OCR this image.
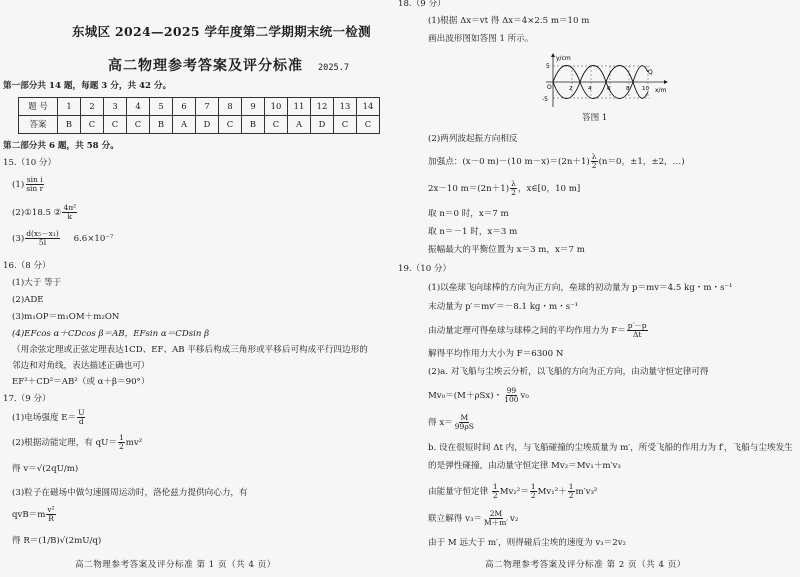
东城区 2024—2025 学年度第二学期期末统一检测
高二物理参考答案及评分标准 2025.7
第一部分共 14 题，每题 3 分，共 42 分。
题 号	1	2	3	4	5	6	7	8	9	10	11	12	13	14
答案	B	C	C	C	B	A	D	C	B	C	A	D	C	C
第二部分共 6 题，共 58 分。
15.（10 分）
$(1) \frac{\text{sin i}}{\text{sin r}}$
(2)①18.5 ② $\frac{\text{4π²}}{k}$
$(3) \frac{\text{d(x₅－x₁)}}{5l} 6.6\times 10^{-7}$
16.（8 分）
(1)大于 等于
(2)ADE
(3)m₁OP＝m₁OM＋m₂ON
(4)EFcos α＋CDcos β＝AB，EFsin α＝CDsin β
（用余弦定理或正弦定理表达1CD、EF、AB 平移后构成三角形或平移后可构成平行四边形的
邻边和对角线，表达描述正确也可）
EF²＋CD²＝AB²（或 α＋β＝90°）
17.（9 分）
(1)电场强度 $E= \frac{U}{d}$
(2)根据动能定理，有 $qU= \frac{1}{2} mv^2$
得 v＝√(2qU/m)
(3)粒子在磁场中做匀速圆周运动时，洛伦兹力提供向心力，有
$qvB=m \frac{\text{v²}}{R}$
得 R＝(1/B)√(2mU/q)
高二物理参考答案及评分标准 第 1 页（共 4 页）
18.（9 分）
(1)根据 Δx＝vt 得 Δx＝4×2.5 m＝10 m
画出波形图如答图 1 所示。
y/cm
x/m
5
-5
O
Q
2	4	6	8 10
答图 1
(2)两列波起振方向相反
加强点：(x－0 m)－(10 $m-x)=(2n+1) \frac{\lambda}{2} (n=0$，±1，±2，…)
2x－10 $m=(2n+1) \frac{\lambda}{2}$ ，x∈[0，10 m]
取 n＝0 时，x＝7 m
取 n＝－1 时，x＝3 m
振幅最大的平衡位置为 x＝3 m，x＝7 m
19.（10 分）
(1)以垒球飞向球棒的方向为正方向，垒球的初动量为 p＝mv＝4.5 kg・m・s⁻¹
末动量为 p′＝mv′＝－8.1 kg・m・s⁻¹
由动量定理可得垒球与球棒之间的平均作用力为 $F= \frac{p'-p}{\Delta t}$
解得平均作用力大小为 F＝6300 N
(2)a. 对飞船与尘埃云分析，以飞船的方向为正方向，由动量守恒定律可得
Mv₀＝(M＋ρSx)・ $\frac{99}{100} v_0$
得 $x= \frac{M}{99\rho S}$
b. 设在很短时间 Δt 内，与飞船碰撞的尘埃质量为 m′，所受飞船的作用力为 f′，飞船与尘埃发生
的是弹性碰撞，由动量守恒定律 Mv₂＝Mv₁＋m′v₃
由能量守恒定律 $\frac{1}{2} Mv_2^2= \frac{1}{2} Mv_1^2+ \frac{1}{2} m'v_3^2$
联立解得 $v_3= \frac{2M}{M+m'} v_2$
由于 M 远大于 m′，则得碰后尘埃的速度为 v₃＝2v₂
高二物理参考答案及评分标准 第 2 页（共 4 页）
